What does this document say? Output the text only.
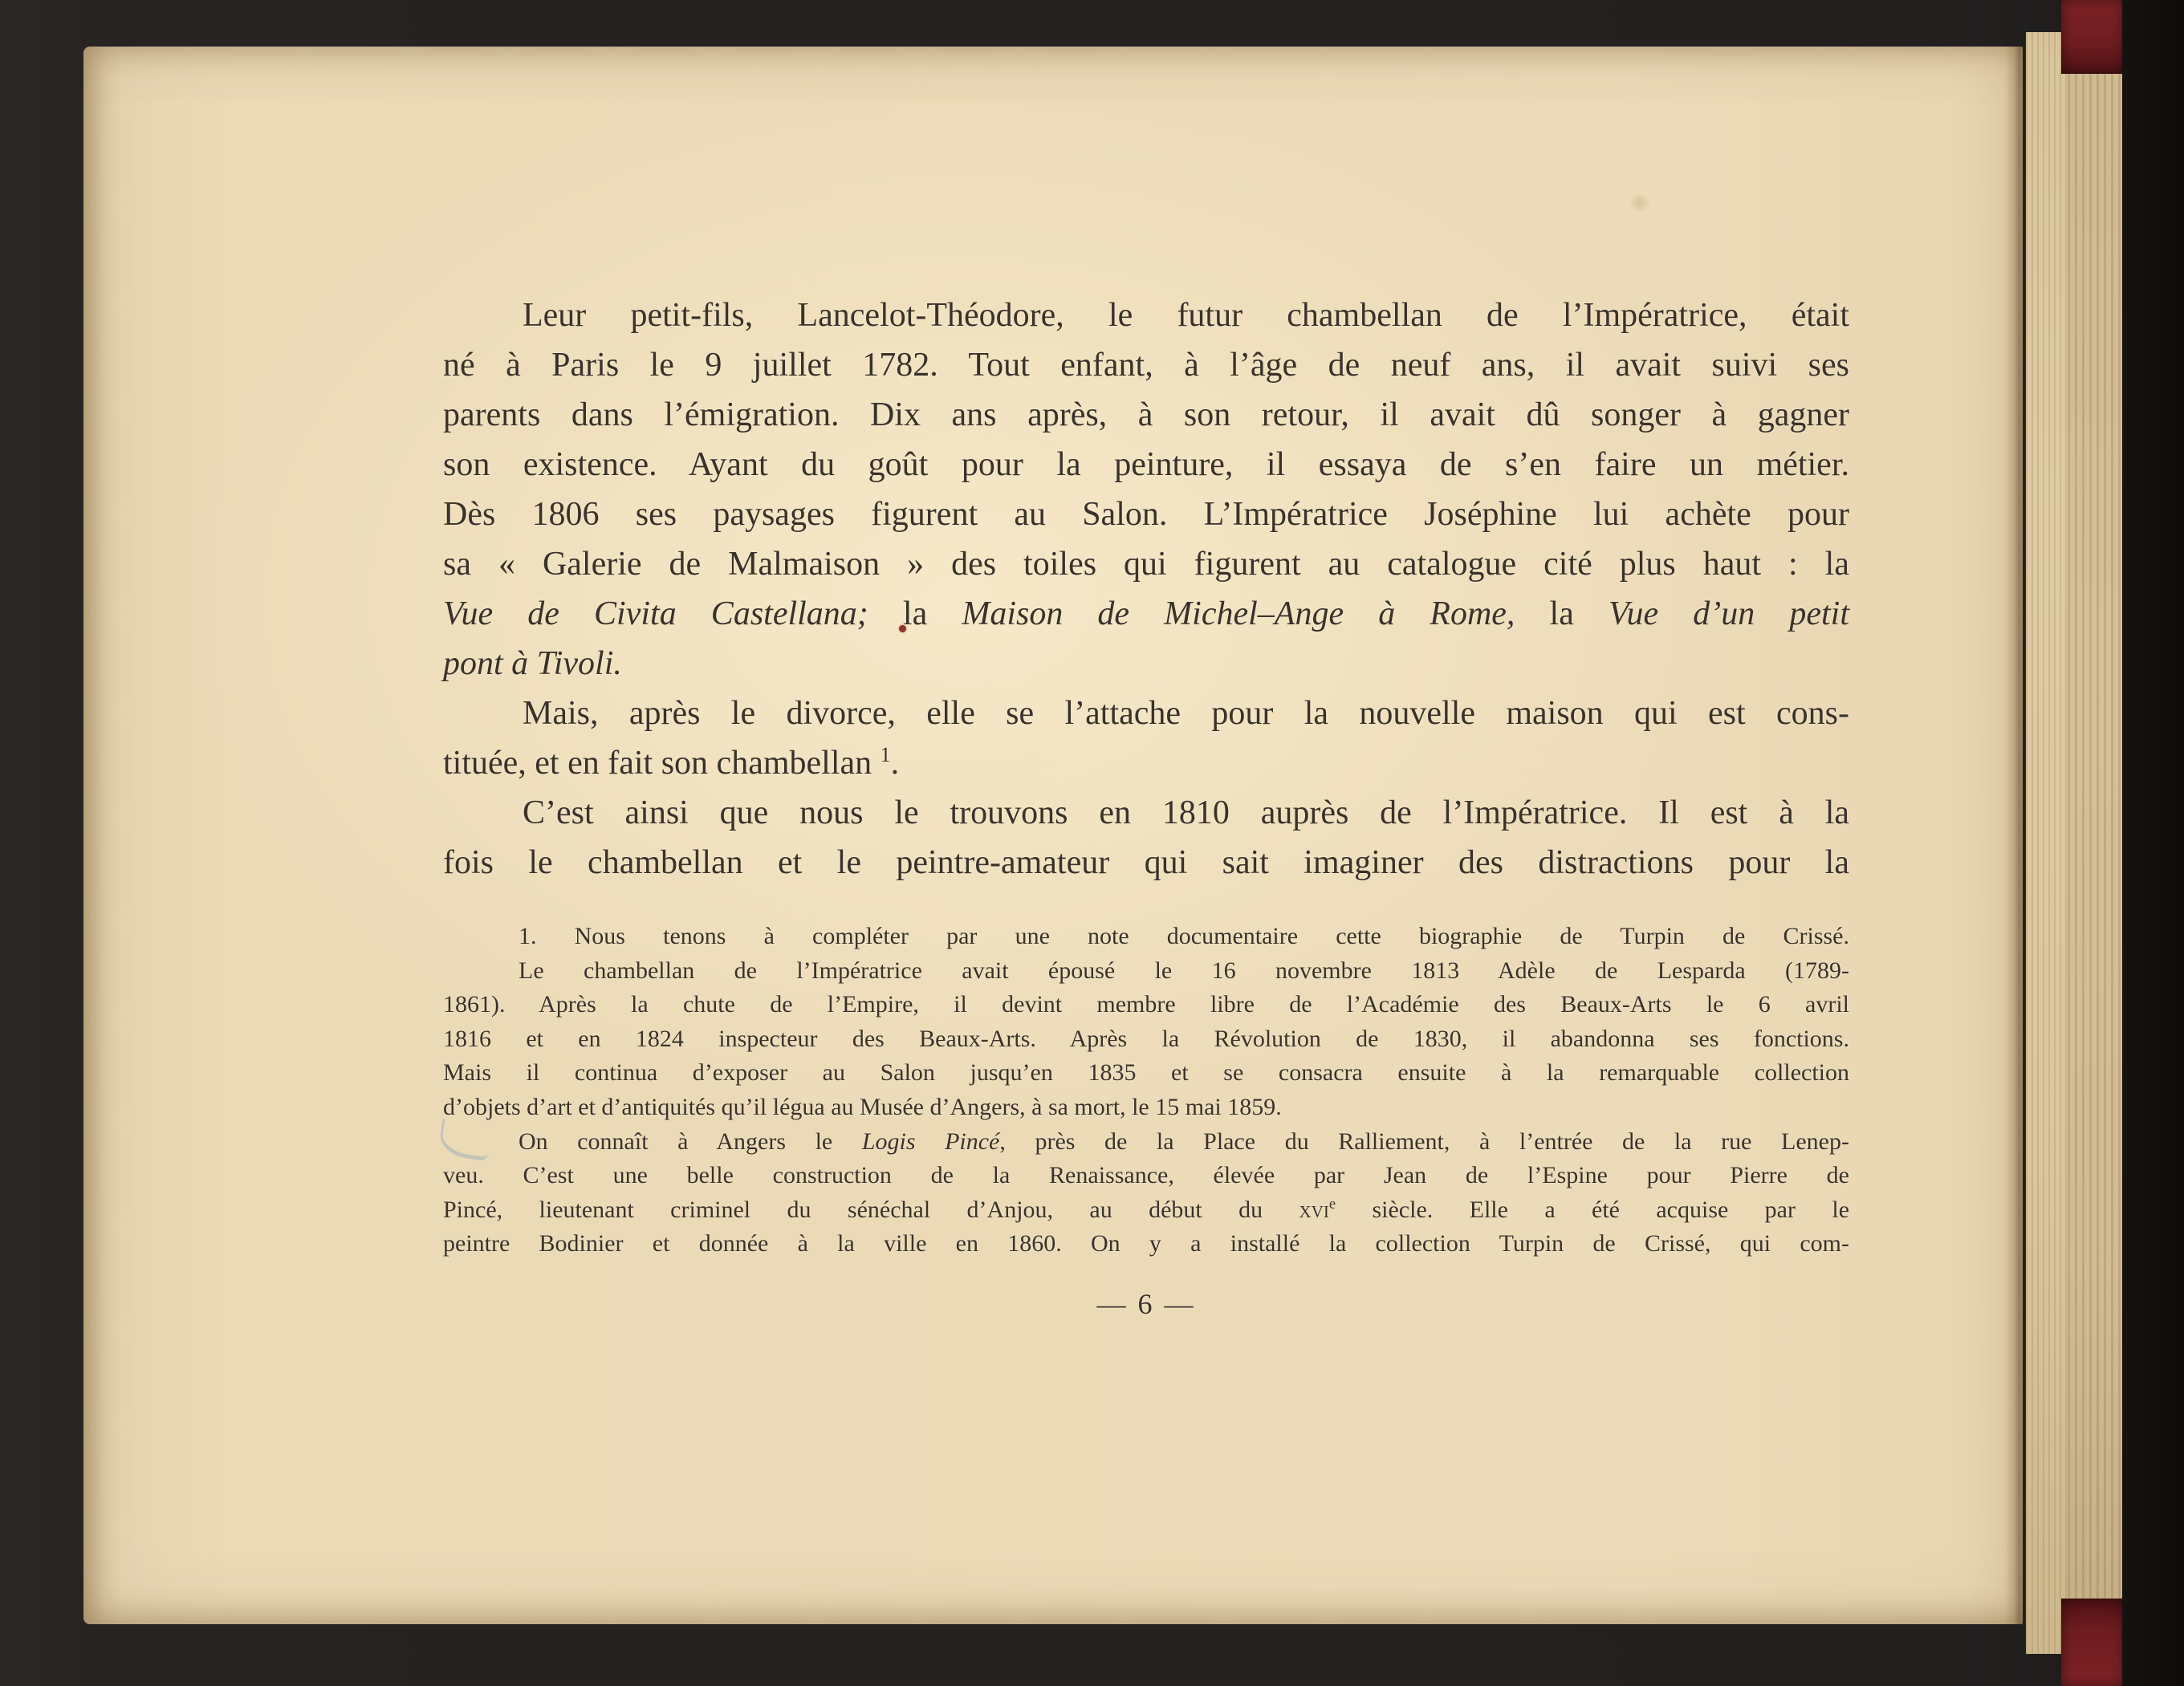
Leur petit-fils, Lancelot-Théodore, le futur chambellan de l’Impératrice, était
né à Paris le 9 juillet 1782. Tout enfant, à l’âge de neuf ans, il avait suivi ses
parents dans l’émigration. Dix ans après, à son retour, il avait dû songer à gagner
son existence. Ayant du goût pour la peinture, il essaya de s’en faire un métier.
Dès 1806 ses paysages figurent au Salon. L’Impératrice Joséphine lui achète pour
sa « Galerie de Malmaison » des toiles qui figurent au catalogue cité plus haut : la
Vue de Civita Castellana; la Maison de Michel–Ange à Rome, la Vue d’un petit
pont à Tivoli.
Mais, après le divorce, elle se l’attache pour la nouvelle maison qui est cons-
tituée, et en fait son chambellan $^1$.
C’est ainsi que nous le trouvons en 1810 auprès de l’Impératrice. Il est à la
fois le chambellan et le peintre-amateur qui sait imaginer des distractions pour la
1. Nous tenons à compléter par une note documentaire cette biographie de Turpin de Crissé.
Le chambellan de l’Impératrice avait épousé le 16 novembre 1813 Adèle de Lesparda (1789-
1861). Après la chute de l’Empire, il devint membre libre de l’Académie des Beaux-Arts le 6 avril
1816 et en 1824 inspecteur des Beaux-Arts. Après la Révolution de 1830, il abandonna ses fonctions.
Mais il continua d’exposer au Salon jusqu’en 1835 et se consacra ensuite à la remarquable collection
d’objets d’art et d’antiquités qu’il légua au Musée d’Angers, à sa mort, le 15 mai 1859.
On connaît à Angers le Logis Pincé, près de la Place du Ralliement, à l’entrée de la rue Lenep-
veu. C’est une belle construction de la Renaissance, élevée par Jean de l’Espine pour Pierre de
Pincé, lieutenant criminel du sénéchal d’Anjou, au début du xvi$^e$ siècle. Elle a été acquise par le
peintre Bodinier et donnée à la ville en 1860. On y a installé la collection Turpin de Crissé, qui com-
— 6 —
